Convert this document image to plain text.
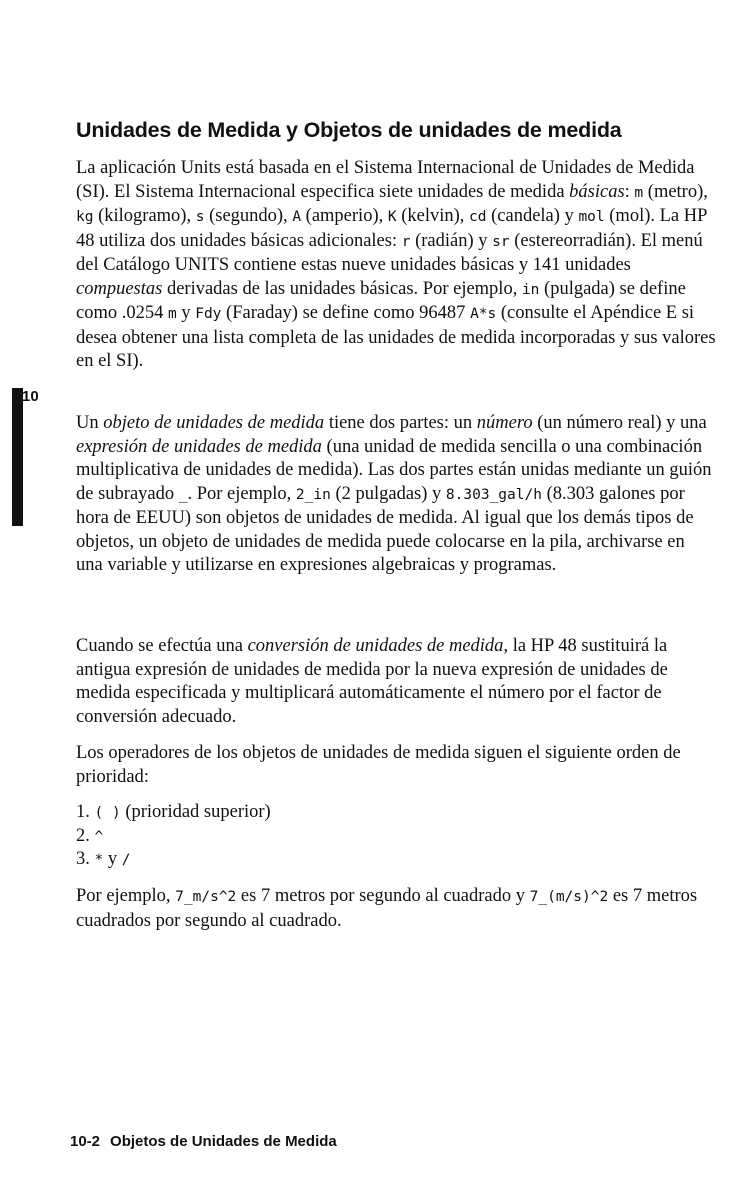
Unidades de Medida y Objetos de unidades de medida

La aplicación Units está basada en el Sistema Internacional de Unidades de Medida (SI). El Sistema Internacional especifica siete unidades de medida básicas: m (metro), kg (kilogramo), s (segundo), A (amperio), K (kelvin), cd (candela) y mol (mol). La HP 48 utiliza dos unidades básicas adicionales: r (radián) y sr (estereorradián). El menú del Catálogo UNITS contiene estas nueve unidades básicas y 141 unidades compuestas derivadas de las unidades básicas. Por ejemplo, in (pulgada) se define como .0254 m y Fdy (Faraday) se define como 96487 A*s (consulte el Apéndice E si desea obtener una lista completa de las unidades de medida incorporadas y sus valores en el SI).

10

Un objeto de unidades de medida tiene dos partes: un número (un número real) y una expresión de unidades de medida (una unidad de medida sencilla o una combinación multiplicativa de unidades de medida). Las dos partes están unidas mediante un guión de subrayado _. Por ejemplo, 2_in (2 pulgadas) y 8.303_gal/h (8.303 galones por hora de EEUU) son objetos de unidades de medida. Al igual que los demás tipos de objetos, un objeto de unidades de medida puede colocarse en la pila, archivarse en una variable y utilizarse en expresiones algebraicas y programas.

Cuando se efectúa una conversión de unidades de medida, la HP 48 sustituirá la antigua expresión de unidades de medida por la nueva expresión de unidades de medida especificada y multiplicará automáticamente el número por el factor de conversión adecuado.

Los operadores de los objetos de unidades de medida siguen el siguiente orden de prioridad:

1. ( ) (prioridad superior)
2. ^
3. * y /

Por ejemplo, 7_m/s^2 es 7 metros por segundo al cuadrado y 7_(m/s)^2 es 7 metros cuadrados por segundo al cuadrado.

10-2 Objetos de Unidades de Medida
